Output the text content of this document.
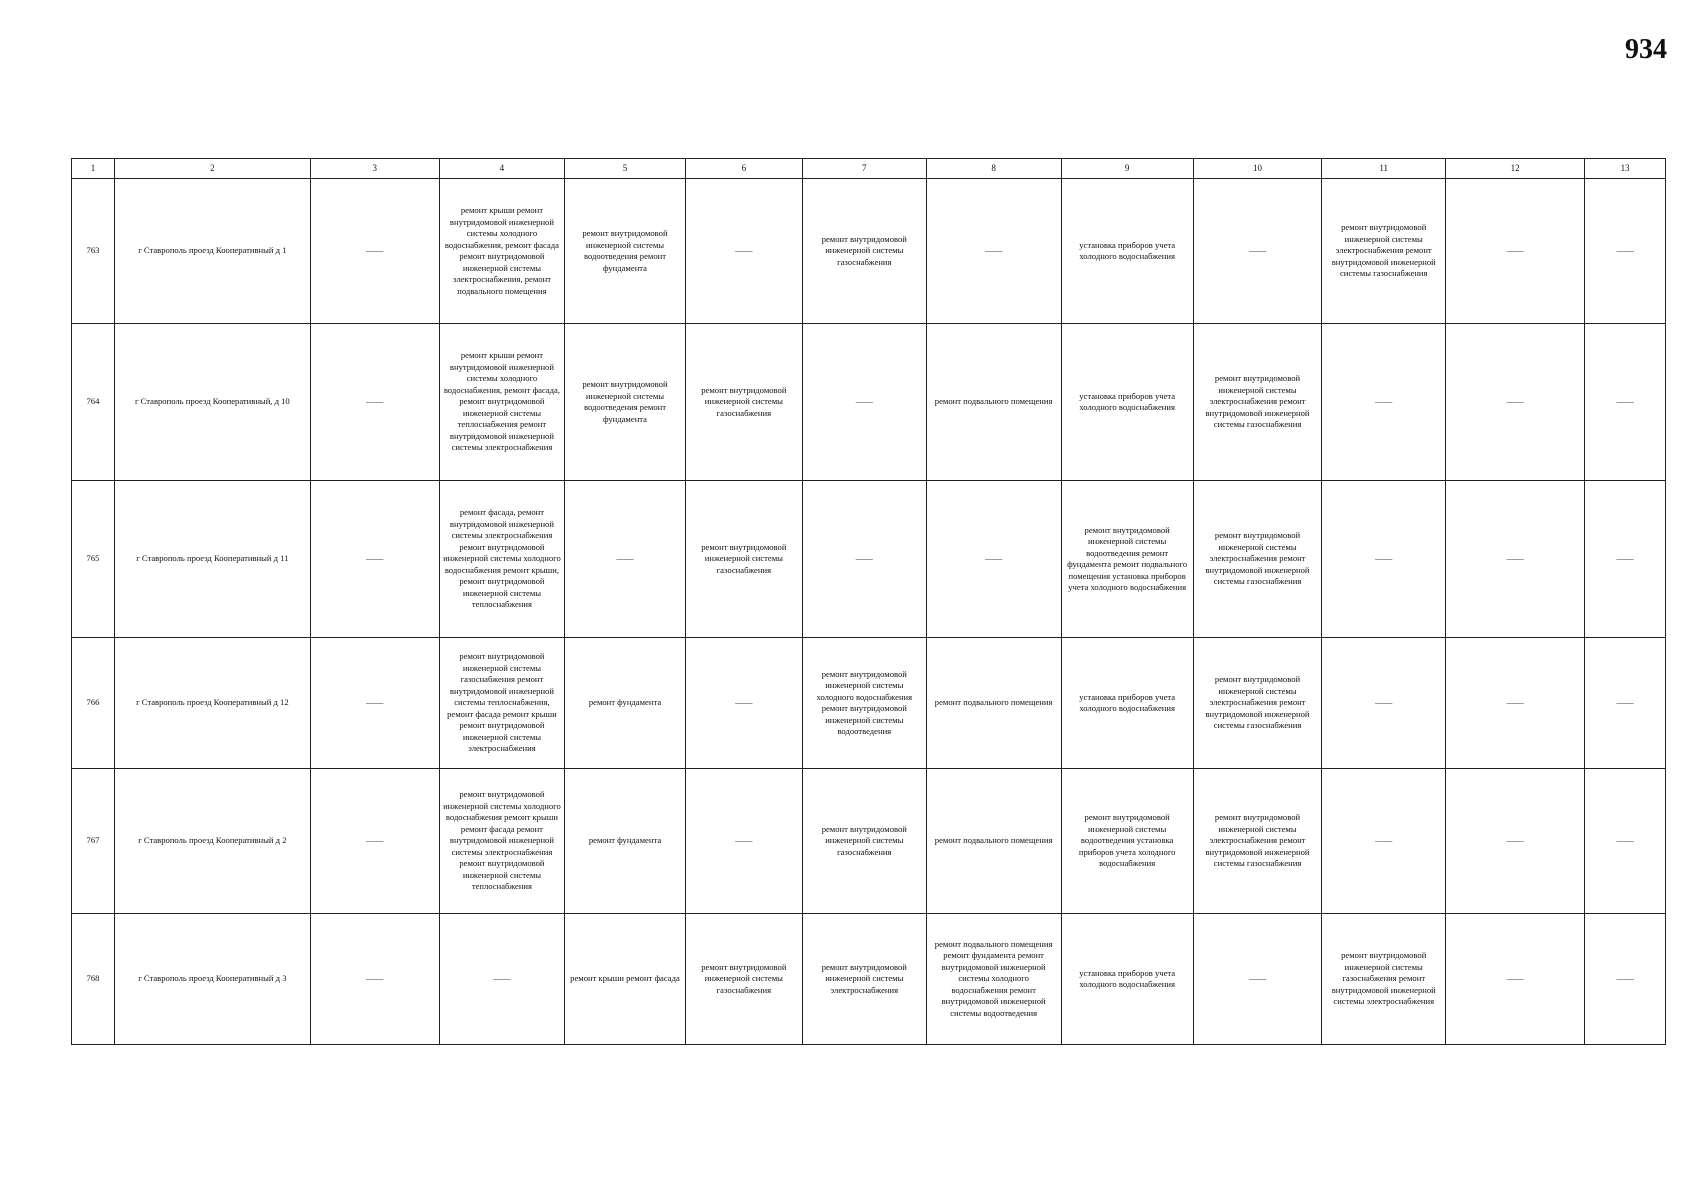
934
1	2	3	4	5	6	7	8	9	10	11	12	13
763	г Ставрополь проезд Кооперативный д 1	——	ремонт крыши ремонт внутридомовой инженерной системы холодного водоснабжения, ремонт фасада ремонт внутридомовой инженерной системы электроснабжения, ремонт подвального помещения	ремонт внутридомовой инженерной системы водоотведения ремонт фундамента	——	ремонт внутридомовой инженерной системы газоснабжения	——	установка приборов учета холодного водоснабжения	——	ремонт внутридомовой инженерной системы электроснабжения ремонт внутридомовой инженерной системы газоснабжения	——	——
764	г Ставрополь проезд Кооперативный, д 10	——	ремонт крыши ремонт внутридомовой инженерной системы холодного водоснабжения, ремонт фасада, ремонт внутридомовой инженерной системы теплоснабжения ремонт внутридомовой инженерной системы электроснабжения	ремонт внутридомовой инженерной системы водоотведения ремонт фундамента	ремонт внутридомовой инженерной системы газоснабжения	——	ремонт подвального помещения	установка приборов учета холодного водоснабжения	ремонт внутридомовой инженерной системы электроснабжения ремонт внутридомовой инженерной системы газоснабжения	——	——	——
765	г Ставрополь проезд Кооперативный д 11	——	ремонт фасада, ремонт внутридомовой инженерной системы электроснабжения ремонт внутридомовой инженерной системы холодного водоснабжения ремонт крыши, ремонт внутридомовой инженерной системы теплоснабжения	——	ремонт внутридомовой инженерной системы газоснабжения	——	——	ремонт внутридомовой инженерной системы водоотведения ремонт фундамента ремонт подвального помещения установка приборов учета холодного водоснабжения	ремонт внутридомовой инженерной системы электроснабжения ремонт внутридомовой инженерной системы газоснабжения	——	——	——
766	г Ставрополь проезд Кооперативный д 12	——	ремонт внутридомовой инженерной системы газоснабжения ремонт внутридомовой инженерной системы теплоснабжения, ремонт фасада ремонт крыши ремонт внутридомовой инженерной системы электроснабжения	ремонт фундамента	——	ремонт внутридомовой инженерной системы холодного водоснабжения ремонт внутридомовой инженерной системы водоотведения	ремонт подвального помещения	установка приборов учета холодного водоснабжения	ремонт внутридомовой инженерной системы электроснабжения ремонт внутридомовой инженерной системы газоснабжения	——	——	——
767	г Ставрополь проезд Кооперативный д 2	——	ремонт внутридомовой инженерной системы холодного водоснабжения ремонт крыши ремонт фасада ремонт внутридомовой инженерной системы электроснабжения ремонт внутридомовой инженерной системы теплоснабжения	ремонт фундамента	——	ремонт внутридомовой инженерной системы газоснабжения	ремонт подвального помещения	ремонт внутридомовой инженерной системы водоотведения установка приборов учета холодного водоснабжения	ремонт внутридомовой инженерной системы электроснабжения ремонт внутридомовой инженерной системы газоснабжения	——	——	——
768	г Ставрополь проезд Кооперативный д 3	——	——	ремонт крыши ремонт фасада	ремонт внутридомовой инженерной системы газоснабжения	ремонт внутридомовой инженерной системы электроснабжения	ремонт подвального помещения ремонт фундамента ремонт внутридомовой инженерной системы холодного водоснабжения ремонт внутридомовой инженерной системы водоотведения	установка приборов учета холодного водоснабжения	——	ремонт внутридомовой инженерной системы газоснабжения ремонт внутридомовой инженерной системы электроснабжения	——	——
